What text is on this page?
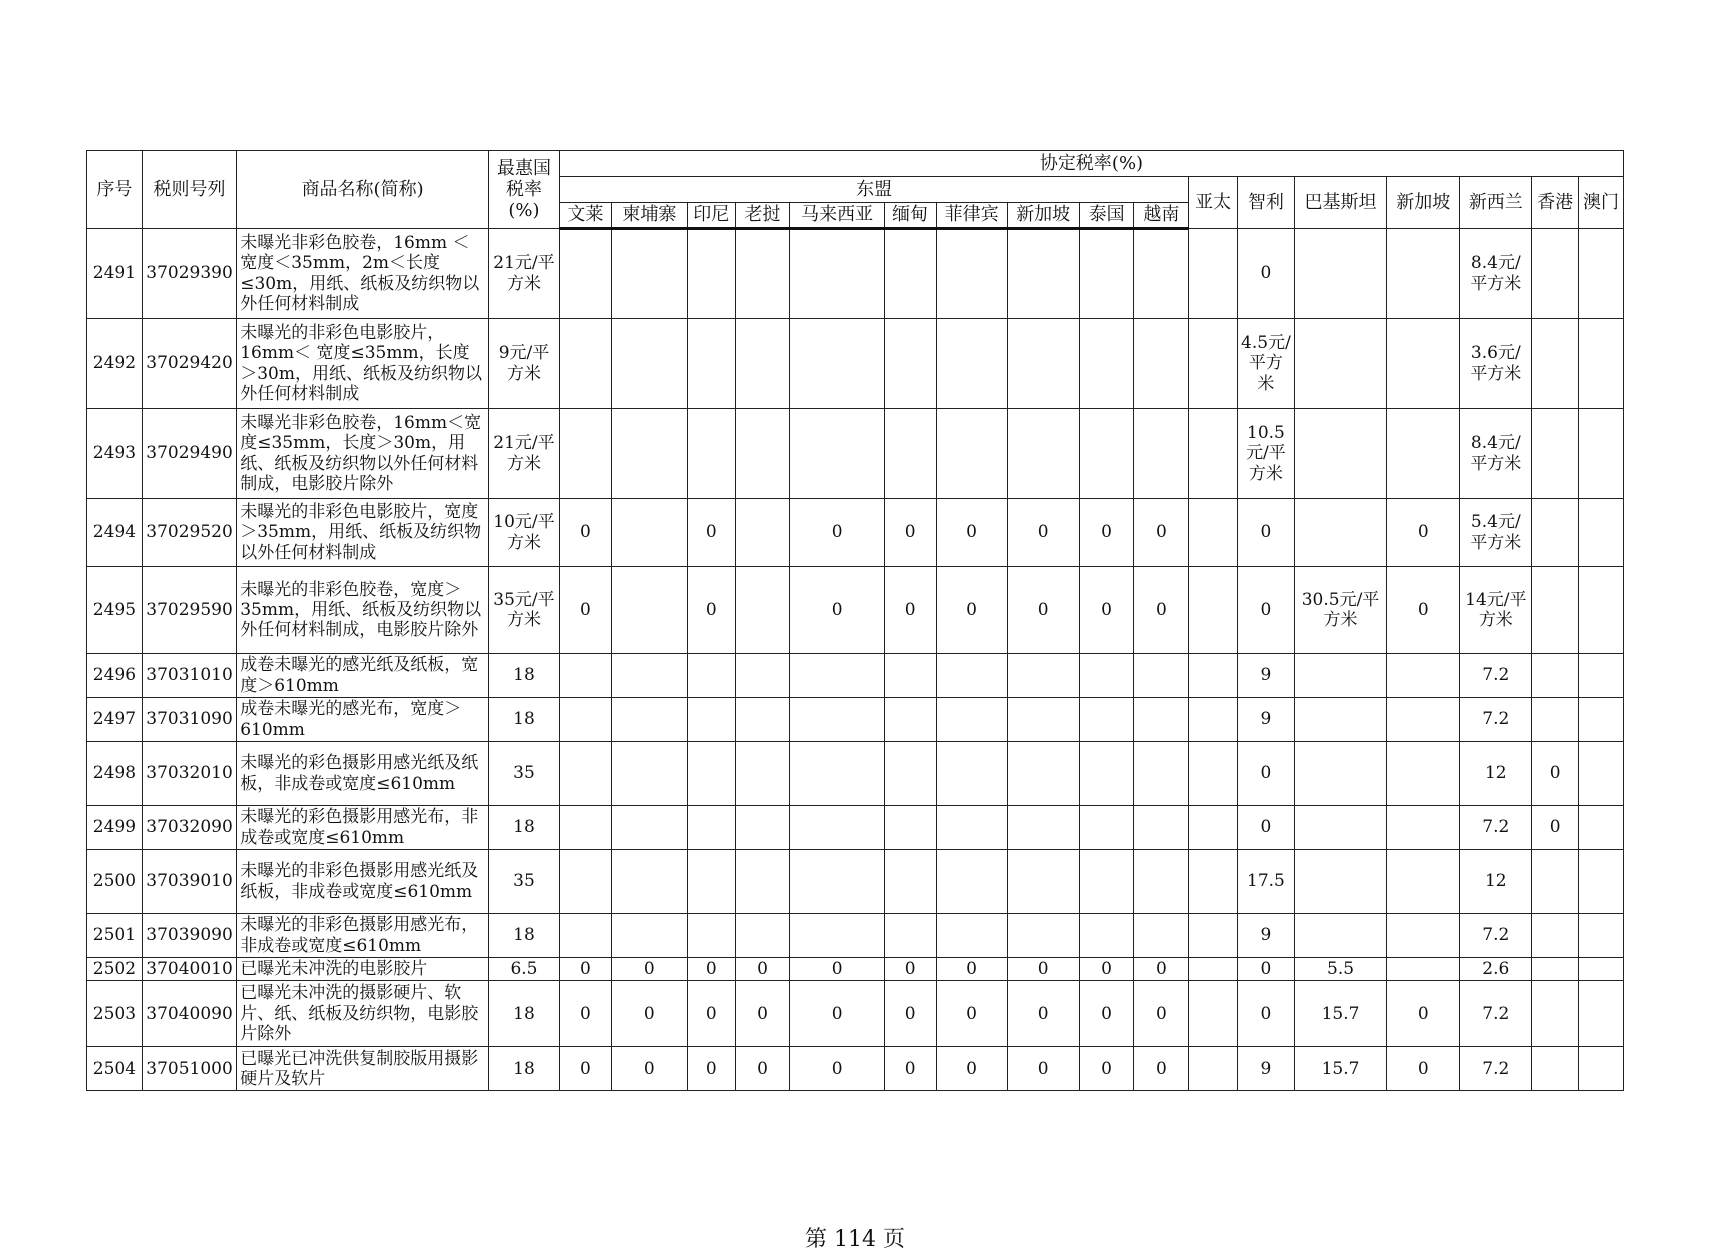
序号	税则号列	商品名称(简称)	最惠国税率(%)	协定税率(%)																
				东盟										亚太	智利	巴基斯坦	新加坡	新西兰	香港	澳门
				文莱	柬埔寨	印尼	老挝	马来西亚	缅甸	菲律宾	新加坡	泰国	越南							
2491	37029390	未曝光非彩色胶卷，16mm ＜宽度＜35mm，2m＜长度≤30m，用纸、纸板及纺织物以外任何材料制成	21元/平方米												0			8.4元/平方米		
2492	37029420	未曝光的非彩色电影胶片，16mm＜ 宽度≤35mm，长度＞30m，用纸、纸板及纺织物以外任何材料制成	9元/平方米												4.5元/平方米			3.6元/平方米		
2493	37029490	未曝光非彩色胶卷，16mm＜宽度≤35mm，长度＞30m，用纸、纸板及纺织物以外任何材料制成，电影胶片除外	21元/平方米												10.5元/平方米			8.4元/平方米		
2494	37029520	未曝光的非彩色电影胶片，宽度＞35mm，用纸、纸板及纺织物以外任何材料制成	10元/平方米	0		0		0	0	0	0	0	0		0		0	5.4元/平方米		
2495	37029590	未曝光的非彩色胶卷，宽度＞35mm，用纸、纸板及纺织物以外任何材料制成，电影胶片除外	35元/平方米	0		0		0	0	0	0	0	0		0	30.5元/平方米	0	14元/平方米		
2496	37031010	成卷未曝光的感光纸及纸板，宽度＞610mm	18												9			7.2		
2497	37031090	成卷未曝光的感光布，宽度＞610mm	18												9			7.2		
2498	37032010	未曝光的彩色摄影用感光纸及纸板，非成卷或宽度≤610mm	35												0			12	0	
2499	37032090	未曝光的彩色摄影用感光布，非成卷或宽度≤610mm	18												0			7.2	0	
2500	37039010	未曝光的非彩色摄影用感光纸及纸板，非成卷或宽度≤610mm	35												17.5			12		
2501	37039090	未曝光的非彩色摄影用感光布，非成卷或宽度≤610mm	18												9			7.2		
2502	37040010	已曝光未冲洗的电影胶片	6.5	0	0	0	0	0	0	0	0	0	0		0	5.5		2.6		
2503	37040090	已曝光未冲洗的摄影硬片、软片、纸、纸板及纺织物，电影胶片除外	18	0	0	0	0	0	0	0	0	0	0		0	15.7	0	7.2		
2504	37051000	已曝光已冲洗供复制胶版用摄影硬片及软片	18	0	0	0	0	0	0	0	0	0	0		9	15.7	0	7.2		
第 114 页
